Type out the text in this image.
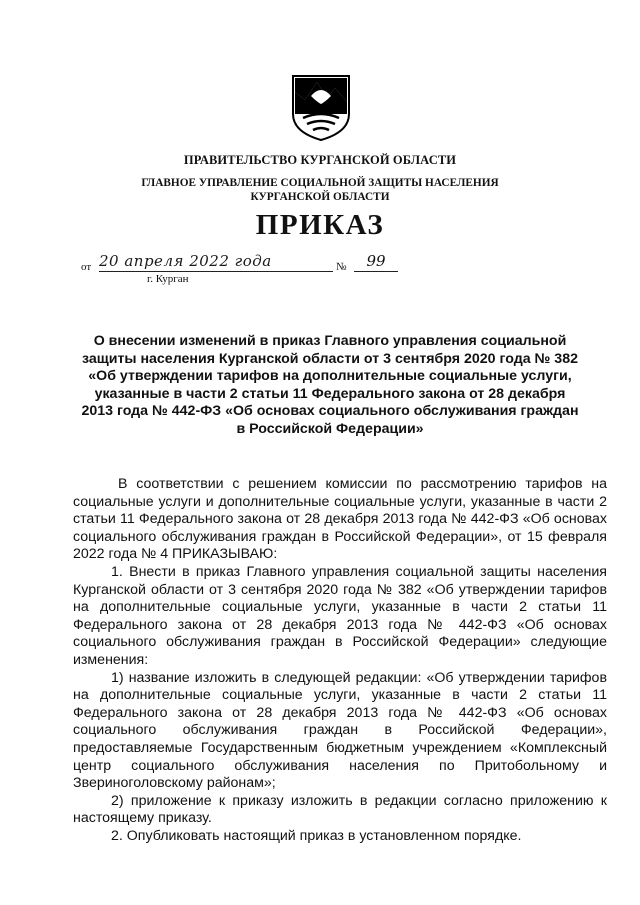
ПРАВИТЕЛЬСТВО КУРГАНСКОЙ ОБЛАСТИ
ГЛАВНОЕ УПРАВЛЕНИЕ СОЦИАЛЬНОЙ ЗАЩИТЫ НАСЕЛЕНИЯ
КУРГАНСКОЙ ОБЛАСТИ
ПРИКАЗ
от 20 апреля 2022 года	№	99
г. Курган
О внесении изменений в приказ Главного управления социальной
защиты населения Курганской области от 3 сентября 2020 года № 382
«Об утверждении тарифов на дополнительные социальные услуги,
указанные в части 2 статьи 11 Федерального закона от 28 декабря
2013 года № 442-ФЗ «Об основах социального обслуживания граждан
в Российской Федерации»

В соответствии с решением комиссии по рассмотрению тарифов на социальные услуги и дополнительные социальные услуги, указанные в части 2 статьи 11 Федерального закона от 28 декабря 2013 года № 442-ФЗ «Об основах социального обслуживания граждан в Российской Федерации», от 15 февраля 2022 года № 4 ПРИКАЗЫВАЮ:

1. Внести в приказ Главного управления социальной защиты населения Курганской области от 3 сентября 2020 года № 382 «Об утверждении тарифов на дополнительные социальные услуги, указанные в части 2 статьи 11 Федерального закона от 28 декабря 2013 года № 442-ФЗ «Об основах социального обслуживания граждан в Российской Федерации» следующие изменения:

1) название изложить в следующей редакции: «Об утверждении тарифов на дополнительные социальные услуги, указанные в части 2 статьи 11 Федерального закона от 28 декабря 2013 года № 442-ФЗ «Об основах социального обслуживания граждан в Российской Федерации», предоставляемые Государственным бюджетным учреждением «Комплексный центр социального обслуживания населения по Притобольному и Звериноголовскому районам»;

2) приложение к приказу изложить в редакции согласно приложению к настоящему приказу.

2. Опубликовать настоящий приказ в установленном порядке.
